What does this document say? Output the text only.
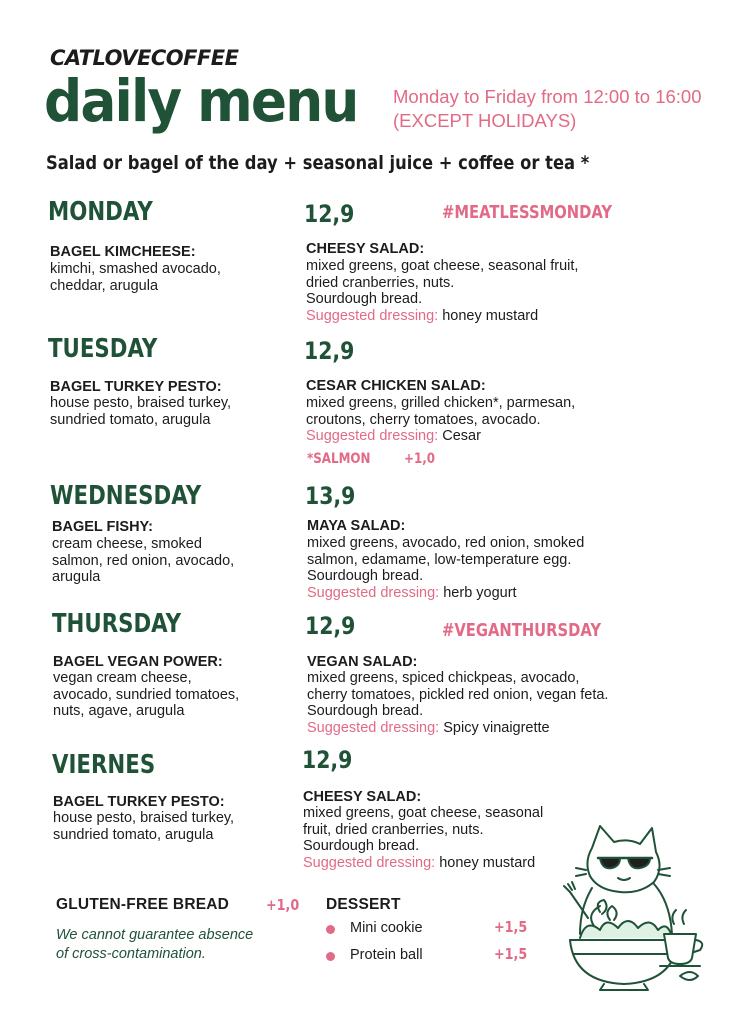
CATLOVECOFFEE
daily menu Monday to Friday from 12:00 to 16:00 (EXCEPT HOLIDAYS)
Salad or bagel of the day + seasonal juice + coffee or tea *
MONDAY	12,9	#MEATLESSMONDAY
BAGEL KIMCHEESE:
kimchi, smashed avocado,
cheddar, arugula
CHEESY SALAD:
mixed greens, goat cheese, seasonal fruit,
dried cranberries, nuts.
Sourdough bread.
Suggested dressing: honey mustard
TUESDAY	12,9
BAGEL TURKEY PESTO:
house pesto, braised turkey,
sundried tomato, arugula
CESAR CHICKEN SALAD:
mixed greens, grilled chicken*, parmesan,
croutons, cherry tomatoes, avocado.
Suggested dressing: Cesar
*SALMON +1,0
WEDNESDAY	13,9
BAGEL FISHY:
cream cheese, smoked
salmon, red onion, avocado,
arugula
MAYA SALAD:
mixed greens, avocado, red onion, smoked
salmon, edamame, low-temperature egg.
Sourdough bread.
Suggested dressing: herb yogurt
THURSDAY	12,9	#VEGANTHURSDAY
BAGEL VEGAN POWER:
vegan cream cheese,
avocado, sundried tomatoes,
nuts, agave, arugula
VEGAN SALAD:
mixed greens, spiced chickpeas, avocado,
cherry tomatoes, pickled red onion, vegan feta.
Sourdough bread.
Suggested dressing: Spicy vinaigrette
VIERNES	12,9
BAGEL TURKEY PESTO:
house pesto, braised turkey,
sundried tomato, arugula
CHEESY SALAD:
mixed greens, goat cheese, seasonal
fruit, dried cranberries, nuts.
Sourdough bread.
Suggested dressing: honey mustard
GLUTEN-FREE BREAD +1,0
We cannot guarantee absence
of cross-contamination.
DESSERT
Mini cookie	+1,5
Protein ball	+1,5
